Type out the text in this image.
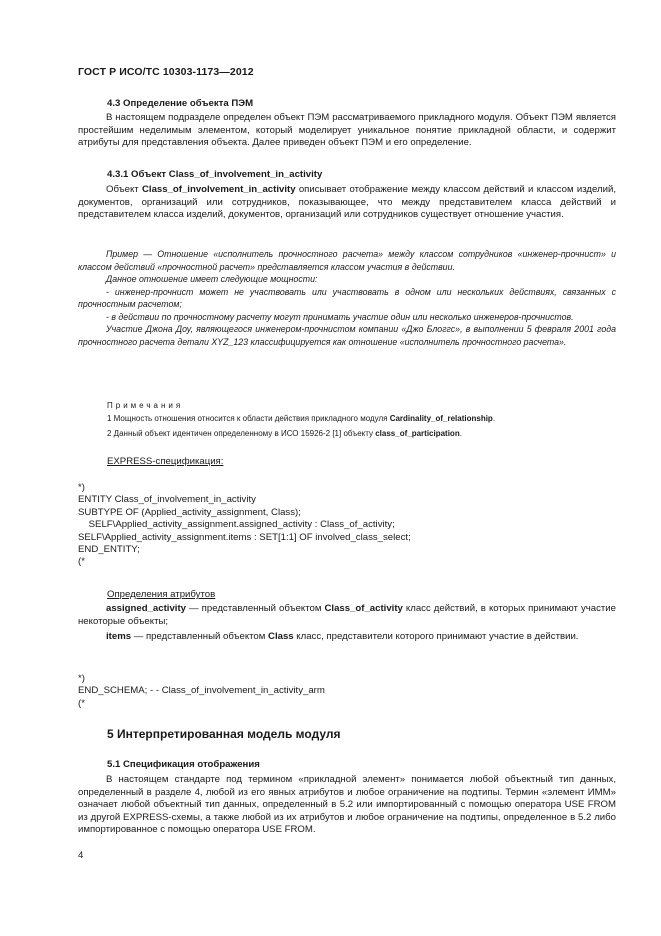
ГОСТ Р ИСО/ТС 10303-1173—2012
4.3 Определение объекта ПЭМ

В настоящем подразделе определен объект ПЭМ рассматриваемого прикладного модуля. Объект ПЭМ является простейшим неделимым элементом, который моделирует уникальное понятие прикладной области, и содержит атрибуты для представления объекта. Далее приведен объект ПЭМ и его определение.

4.3.1 Объект Class_of_involvement_in_activity

Объект Class_of_involvement_in_activity описывает отображение между классом действий и классом изделий, документов, организаций или сотрудников, показывающее, что между представителем класса действий и представителем класса изделий, документов, организаций или сотрудников существует отношение участия.

Пример — Отношение «исполнитель прочностного расчета» между классом сотрудников «инженер-прочнист» и классом действий «прочностной расчет» представляется классом участия в действии.

Данное отношение имеет следующие мощности:

- инженер-прочнист может не участвовать или участвовать в одном или нескольких действиях, связанных с прочностным расчетом;

- в действии по прочностному расчету могут принимать участие один или несколько инженеров-прочнистов.

Участие Джона Доу, являющегося инженером-прочнистом компании «Джо Блоггс», в выполнении 5 февраля 2001 года прочностного расчета детали XYZ_123 классифицируется как отношение «исполнитель прочностного расчета».

Примечания
1 Мощность отношения относится к области действия прикладного модуля Cardinality_of_relationship.
2 Данный объект идентичен определенному в ИСО 15926-2 [1] объекту class_of_participation.
EXPRESS-спецификация:
*)
ENTITY Class_of_involvement_in_activity
SUBTYPE OF (Applied_activity_assignment, Class);
SELF\Applied_activity_assignment.assigned_activity : Class_of_activity;
SELF\Applied_activity_assignment.items : SET[1:1] OF involved_class_select;
END_ENTITY;
(*
Определения атрибутов

assigned_activity — представленный объектом Class_of_activity класс действий, в которых принимают участие некоторые объекты;

items — представленный объектом Class класс, представители которого принимают участие в действии.

*)
END_SCHEMA; - - Class_of_involvement_in_activity_arm
(*
5 Интерпретированная модель модуля
5.1 Спецификация отображения

В настоящем стандарте под термином «прикладной элемент» понимается любой объектный тип данных, определенный в разделе 4, любой из его явных атрибутов и любое ограничение на подтипы. Термин «элемент ИММ» означает любой объектный тип данных, определенный в 5.2 или импортированный с помощью оператора USE FROM из другой EXPRESS-схемы, а также любой из их атрибутов и любое ограничение на подтипы, определенное в 5.2 либо импортированное с помощью оператора USE FROM.

4
